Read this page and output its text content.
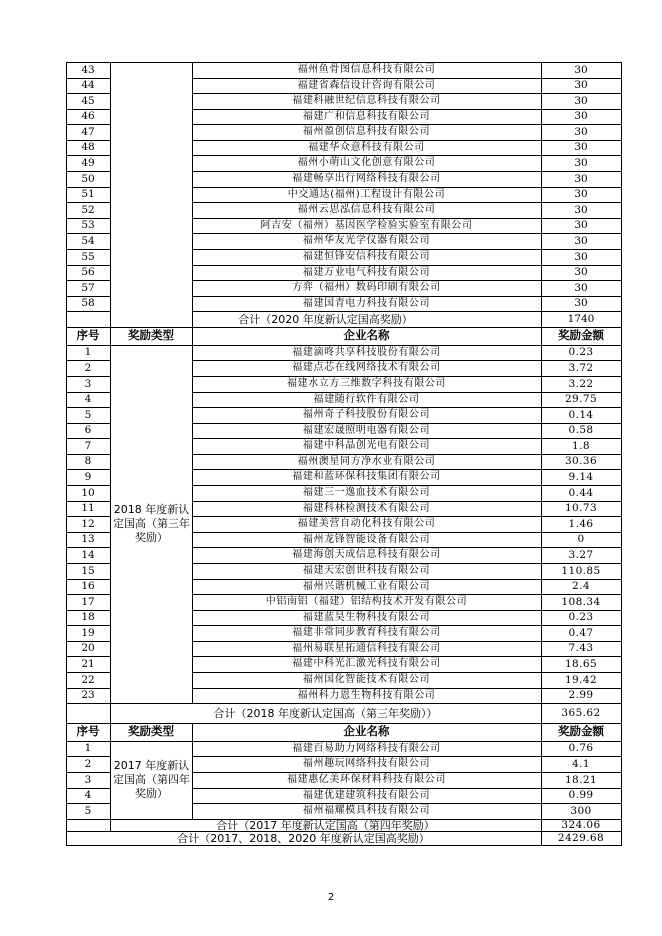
43	福州鱼骨图信息科技有限公司	30
44	福建省森信设计咨询有限公司	30
45	福建科融世纪信息科技有限公司	30
46	福建广和信息科技有限公司	30
47	福州盈创信息科技有限公司	30
48	福建华众意科技有限公司	30
49	福州小萌山文化创意有限公司	30
50	福建畅享出行网络科技有限公司	30
51	中交通达(福州)工程设计有限公司	30
52	福州云思泓信息科技有限公司	30
53	阿吉安（福州）基因医学检验实验室有限公司	30
54	福州华友光学仪器有限公司	30
55	福建恒锋安信科技有限公司	30
56	福建万业电气科技有限公司	30
57	方弈（福州）数码印刷有限公司	30
58	福建国青电力科技有限公司	30
合计（2020 年度新认定国高奖励）	1740
序号	奖励类型	企业名称	奖励金额
1	福建滴咚共享科技股份有限公司	0.23
2	福建点芯在线网络技术有限公司	3.72
3	福建水立方三维数字科技有限公司	3.22
4	福建随行软件有限公司	29.75
5	福州奇子科技股份有限公司	0.14
6	福建宏晟照明电器有限公司	0.58
7	福建中科晶创光电有限公司	1.8
8	福州澳星同方净水业有限公司	30.36
9	福建和蓝环保科技集团有限公司	9.14
10	福建三一逸血技术有限公司	0.44
11	福建科林检测技术有限公司	10.73
12	福建美营自动化科技有限公司	1.46
13	福州龙锋智能设备有限公司	0
14	福建海创天成信息科技有限公司	3.27
15	福建天宏创世科技有限公司	110.85
16	福州兴谐机械工业有限公司	2.4
17	中铝南铝（福建）铝结构技术开发有限公司	108.34
18	福建蓝昊生物科技有限公司	0.23
19	福建非常同步教育科技有限公司	0.47
20	福州易联星拓通信科技有限公司	7.43
21	福建中科光汇激光科技有限公司	18.65
22	福州国化智能技术有限公司	19.42
23	福州科力恩生物科技有限公司	2.99
2018 年度新认定国高（第三年奖励）
合计（2018 年度新认定国高（第三年奖励））	365.62
序号	奖励类型	企业名称	奖励金额
1	福建百易助力网络科技有限公司	0.76
2	福州趣玩网络科技有限公司	4.1
3	福建惠亿美环保材料科技有限公司	18.21
4	福建优建建筑科技有限公司	0.99
5	福州福耀模具科技有限公司	300
2017 年度新认定国高（第四年奖励）
合计（2017 年度新认定国高（第四年奖励）	324.06
合计（2017、2018、2020 年度新认定国高奖励）	2429.68
2
